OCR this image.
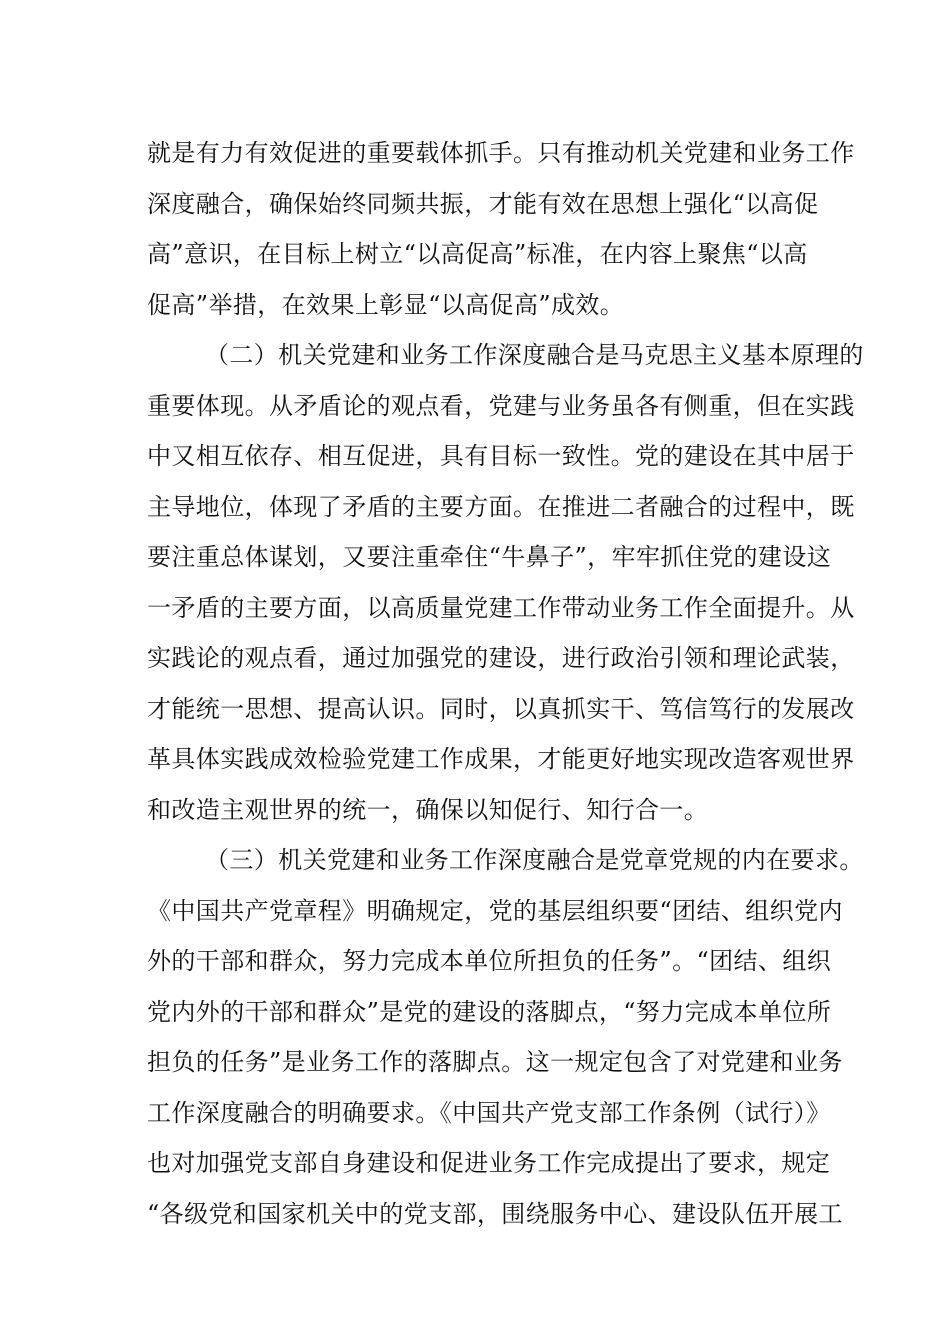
就是有力有效促进的重要载体抓手。只有推动机关党建和业务工作
深度融合，确保始终同频共振，才能有效在思想上强化“以高促
高”意识，在目标上树立“以高促高”标准，在内容上聚焦“以高
促高”举措，在效果上彰显“以高促高”成效。
（二）机关党建和业务工作深度融合是马克思主义基本原理的
重要体现。从矛盾论的观点看，党建与业务虽各有侧重，但在实践
中又相互依存、相互促进，具有目标一致性。党的建设在其中居于
主导地位，体现了矛盾的主要方面。在推进二者融合的过程中，既
要注重总体谋划，又要注重牵住“牛鼻子”，牢牢抓住党的建设这
一矛盾的主要方面，以高质量党建工作带动业务工作全面提升。从
实践论的观点看，通过加强党的建设，进行政治引领和理论武装，
才能统一思想、提高认识。同时，以真抓实干、笃信笃行的发展改
革具体实践成效检验党建工作成果，才能更好地实现改造客观世界
和改造主观世界的统一，确保以知促行、知行合一。
（三）机关党建和业务工作深度融合是党章党规的内在要求。
《中国共产党章程》明确规定，党的基层组织要“团结、组织党内
外的干部和群众，努力完成本单位所担负的任务”。“团结、组织
党内外的干部和群众”是党的建设的落脚点，“努力完成本单位所
担负的任务”是业务工作的落脚点。这一规定包含了对党建和业务
工作深度融合的明确要求。《中国共产党支部工作条例（试行）》
也对加强党支部自身建设和促进业务工作完成提出了要求，规定
“各级党和国家机关中的党支部，围绕服务中心、建设队伍开展工
